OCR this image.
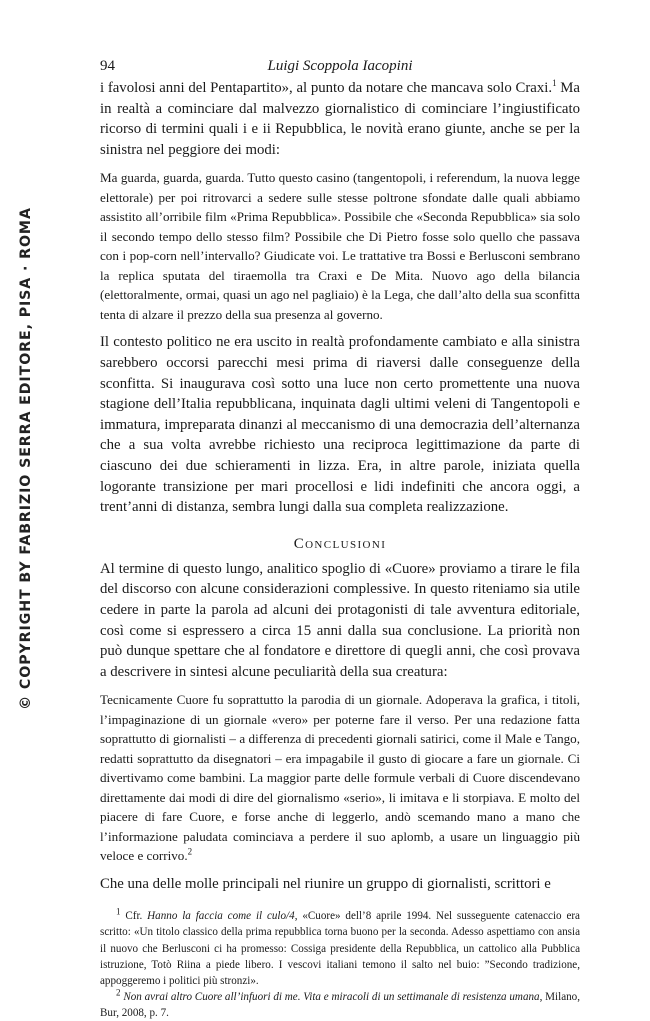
© COPYRIGHT BY FABRIZIO SERRA EDITORE, PISA · ROMA
94	Luigi Scoppola Iacopini

i favolosi anni del Pentapartito», al punto da notare che mancava solo Craxi.$^1$ Ma in realtà a cominciare dal malvezzo giornalistico di cominciare l’ingiustificato ricorso di termini quali i e ii Repubblica, le novità erano giunte, anche se per la sinistra nel peggiore dei modi:

Ma guarda, guarda, guarda. Tutto questo casino (tangentopoli, i referendum, la nuova legge elettorale) per poi ritrovarci a sedere sulle stesse poltrone sfondate dalle quali abbiamo assistito all’orribile film «Prima Repubblica». Possibile che «Seconda Repubblica» sia solo il secondo tempo dello stesso film? Possibile che Di Pietro fosse solo quello che passava con i pop-corn nell’intervallo? Giudicate voi. Le trattative tra Bossi e Berlusconi sembrano la replica sputata del tiraemolla tra Craxi e De Mita. Nuovo ago della bilancia (elettoralmente, ormai, quasi un ago nel pagliaio) è la Lega, che dall’alto della sua sconfitta tenta di alzare il prezzo della sua presenza al governo.

Il contesto politico ne era uscito in realtà profondamente cambiato e alla sinistra sarebbero occorsi parecchi mesi prima di riaversi dalle conseguenze della sconfitta. Si inaugurava così sotto una luce non certo promettente una nuova stagione dell’Italia repubblicana, inquinata dagli ultimi veleni di Tangentopoli e immatura, impreparata dinanzi al meccanismo di una democrazia dell’alternanza che a sua volta avrebbe richiesto una reciproca legittimazione da parte di ciascuno dei due schieramenti in lizza. Era, in altre parole, iniziata quella logorante transizione per mari procellosi e lidi indefiniti che ancora oggi, a trent’anni di distanza, sembra lungi dalla sua completa realizzazione.

Conclusioni

Al termine di questo lungo, analitico spoglio di «Cuore» proviamo a tirare le fila del discorso con alcune considerazioni complessive. In questo riteniamo sia utile cedere in parte la parola ad alcuni dei protagonisti di tale avventura editoriale, così come si espressero a circa 15 anni dalla sua conclusione. La priorità non può dunque spettare che al fondatore e direttore di quegli anni, che così provava a descrivere in sintesi alcune peculiarità della sua creatura:

Tecnicamente Cuore fu soprattutto la parodia di un giornale. Adoperava la grafica, i titoli, l’impaginazione di un giornale «vero» per poterne fare il verso. Per una redazione fatta soprattutto di giornalisti – a differenza di precedenti giornali satirici, come il Male e Tango, redatti soprattutto da disegnatori – era impagabile il gusto di giocare a fare un giornale. Ci divertivamo come bambini. La maggior parte delle formule verbali di Cuore discendevano direttamente dai modi di dire del giornalismo «serio», li imitava e li storpiava. E molto del piacere di fare Cuore, e forse anche di leggerlo, andò scemando mano a mano che l’informazione paludata cominciava a perdere il suo aplomb, a usare un linguaggio più veloce e corrivo.$^2$

Che una delle molle principali nel riunire un gruppo di giornalisti, scrittori e

$^1$ Cfr. Hanno la faccia come il culo/4, «Cuore» dell’8 aprile 1994. Nel susseguente catenaccio era scritto: «Un titolo classico della prima repubblica torna buono per la seconda. Adesso aspettiamo con ansia il nuovo che Berlusconi ci ha promesso: Cossiga presidente della Repubblica, un cattolico alla Pubblica istruzione, Totò Riina a piede libero. I vescovi italiani temono il salto nel buio: ”Secondo tradizione, appoggeremo i politici più stronzi».

$^2$ Non avrai altro Cuore all’infuori di me. Vita e miracoli di un settimanale di resistenza umana, Milano, Bur, 2008, p. 7.
